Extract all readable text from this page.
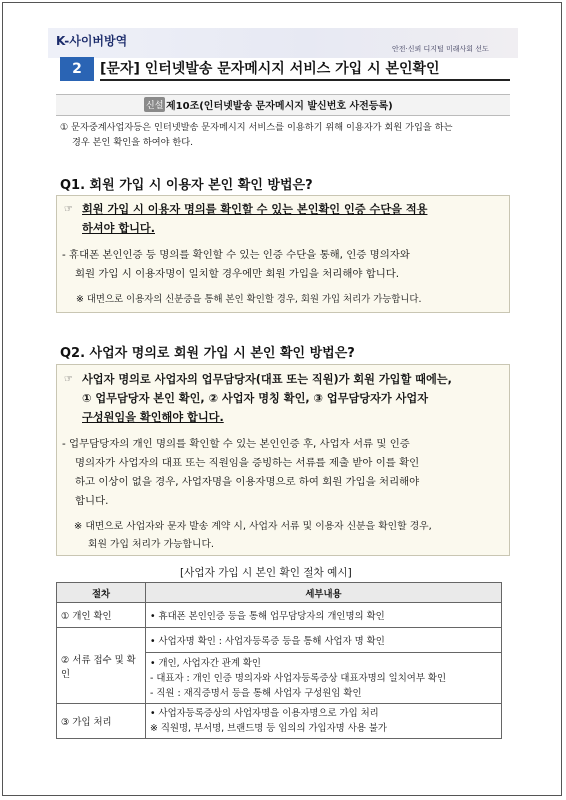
K-사이버방역
안전·신뢰 디지털 미래사회 선도
2	[문자] 인터넷발송 문자메시지 서비스 가입 시 본인확인
신설 제10조(인터넷발송 문자메시지 발신번호 사전등록)
① 문자중계사업자등은 인터넷발송 문자메시지 서비스를 이용하기 위해 이용자가 회원 가입을 하는
경우 본인 확인을 하여야 한다.
Q1. 회원 가입 시 이용자 본인 확인 방법은?
☞ 회원 가입 시 이용자 명의를 확인할 수 있는 본인확인 인증 수단을 적용
하셔야 합니다.
- 휴대폰 본인인증 등 명의를 확인할 수 있는 인증 수단을 통해, 인증 명의자와
회원 가입 시 이용자명이 일치할 경우에만 회원 가입을 처리해야 합니다.
※ 대면으로 이용자의 신분증을 통해 본인 확인할 경우, 회원 가입 처리가 가능합니다.
Q2. 사업자 명의로 회원 가입 시 본인 확인 방법은?
☞ 사업자 명의로 사업자의 업무담당자(대표 또는 직원)가 회원 가입할 때에는,
① 업무담당자 본인 확인, ② 사업자 명칭 확인, ③ 업무담당자가 사업자
구성원임을 확인해야 합니다.
- 업무담당자의 개인 명의를 확인할 수 있는 본인인증 후, 사업자 서류 및 인증
명의자가 사업자의 대표 또는 직원임을 증빙하는 서류를 제출 받아 이를 확인
하고 이상이 없을 경우, 사업자명을 이용자명으로 하여 회원 가입을 처리해야
합니다.
※ 대면으로 사업자와 문자 발송 계약 시, 사업자 서류 및 이용자 신분을 확인할 경우,
회원 가입 처리가 가능합니다.
[사업자 가입 시 본인 확인 절차 예시]
절차	세부내용
① 개인 확인	• 휴대폰 본인인증 등을 통해 업무담당자의 개인명의 확인

② 서류 접수 및 확인	• 사업자명 확인 : 사업자등록증 등을 통해 사업자 명 확인

	• 개인, 사업자간 관계 확인
- 대표자 : 개인 인증 명의자와 사업자등록증상 대표자명의 일치여부 확인
- 직원 : 재직증명서 등을 통해 사업자 구성원임 확인

③ 가입 처리	• 사업자등록증상의 사업자명을 이용자명으로 가입 처리
※ 직원명, 부서명, 브랜드명 등 임의의 가입자명 사용 불가
